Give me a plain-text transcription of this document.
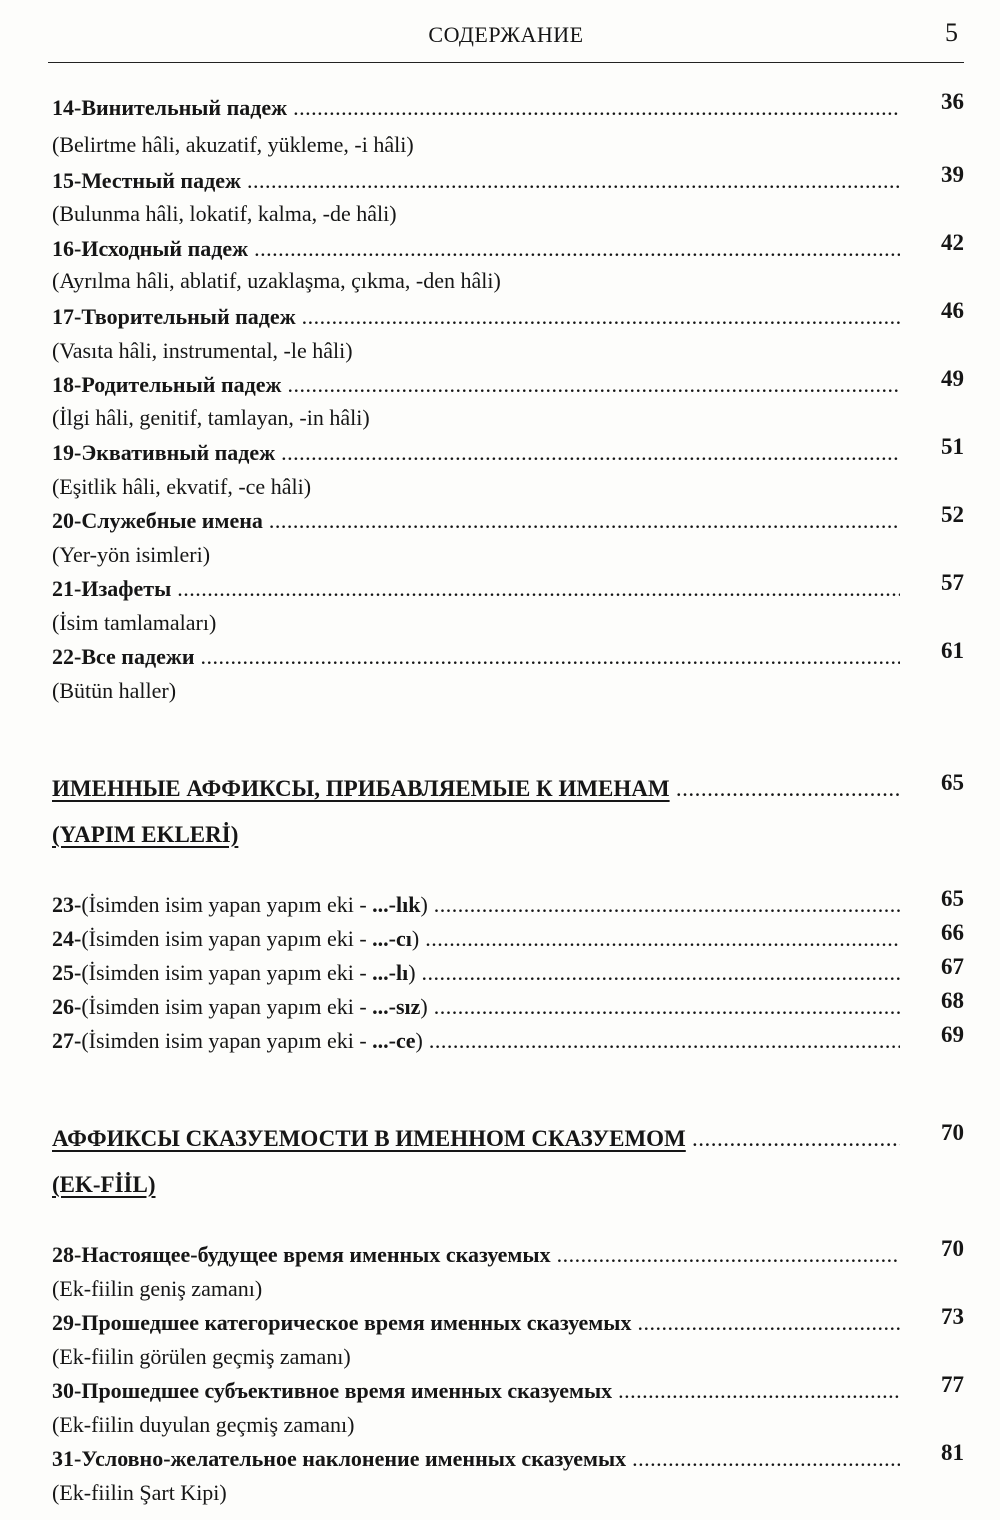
СОДЕРЖАНИЕ	5
14-Винительный падеж .....	36
(Belirtme hâli, akuzatif, yükleme, -i hâli)
15-Местный падеж .....	39
(Bulunma hâli, lokatif, kalma, -de hâli)
16-Исходный падеж .....	42
(Ayrılma hâli, ablatif, uzaklaşma, çıkma, -den hâli)
17-Творительный падеж .....	46
(Vasıta hâli, instrumental, -le hâli)
18-Родительный падеж .....	49
(İlgi hâli, genitif, tamlayan, -in hâli)
19-Эквативный падеж .....	51
(Eşitlik hâli, ekvatif, -ce hâli)
20-Служебные имена .....	52
(Yer-yön isimleri)
21-Изафеты .....	57
(İsim tamlamaları)
22-Все падежи .....	61
(Bütün haller)
ИМЕННЫЕ АФФИКСЫ, ПРИБАВЛЯЕМЫЕ К ИМЕНАМ .....	65
(YAPIM EKLERİ)
23-(İsimden isim yapan yapım eki - ...-lık) .....	65
24-(İsimden isim yapan yapım eki - ...-cı) .....	66
25-(İsimden isim yapan yapım eki - ...-lı) .....	67
26-(İsimden isim yapan yapım eki - ...-sız) .....	68
27-(İsimden isim yapan yapım eki - ...-ce) .....	69
АФФИКСЫ СКАЗУЕМОСТИ В ИМЕННОМ СКАЗУЕМОМ .....	70
(EK-FİİL)
28-Настоящее-будущее время именных сказуемых .....	70
(Ek-fiilin geniş zamanı)
29-Прошедшее категорическое время именных сказуемых .....	73
(Ek-fiilin görülen geçmiş zamanı)
30-Прошедшее субъективное время именных сказуемых .....	77
(Ek-fiilin duyulan geçmiş zamanı)
31-Условно-желательное наклонение именных сказуемых .....	81
(Ek-fiilin Şart Kipi)
